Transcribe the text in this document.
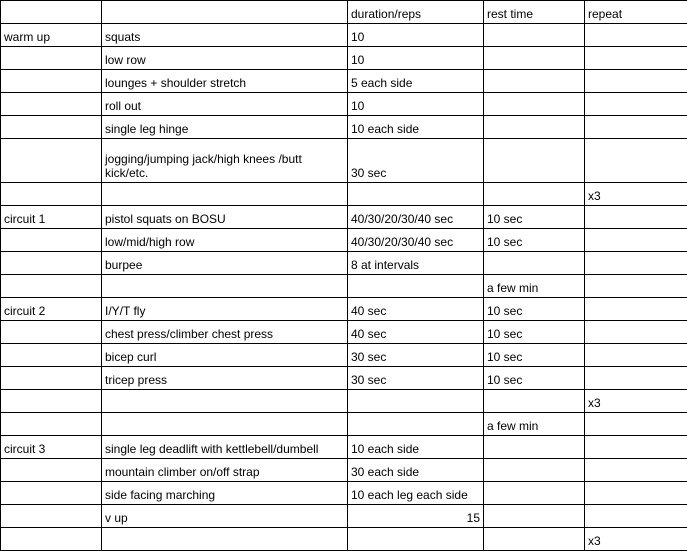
		duration/reps	rest time	repeat
warm up	squats	10		
	low row	10		
	lounges + shoulder stretch	5 each side		
	roll out	10		
	single leg hinge	10 each side		
	jogging/jumping jack/high knees /butt kick/etc.	30 sec		
				x3
circuit 1	pistol squats on BOSU	40/30/20/30/40 sec	10 sec	
	low/mid/high row	40/30/20/30/40 sec	10 sec	
	burpee	8 at intervals		
			a few min	
circuit 2	I/Y/T fly	40 sec	10 sec	
	chest press/climber chest press	40 sec	10 sec	
	bicep curl	30 sec	10 sec	
	tricep press	30 sec	10 sec	
				x3
			a few min	
circuit 3	single leg deadlift with kettlebell/dumbell	10 each side		
	mountain climber on/off strap	30 each side		
	side facing marching	10 each leg each side		
	v up	15		
				x3
